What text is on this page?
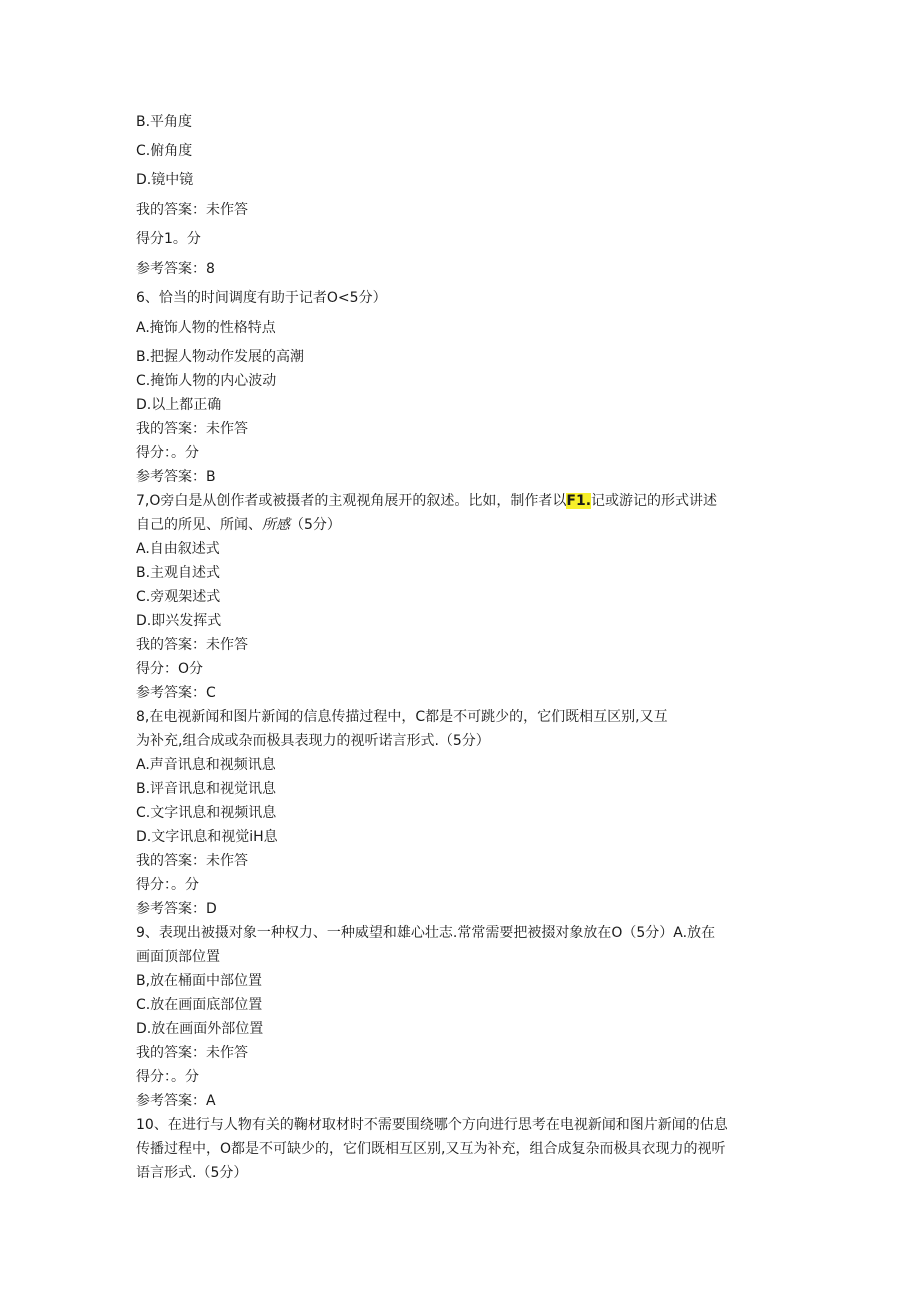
B.平角度
C.俯角度
D.镜中镜
我的答案：未作答
得分1。分
参考答案：8
6、恰当的时间调度有助于记者O<5分）
A.掩饰人物的性格特点
B.把握人物动作发展的高潮
C.掩饰人物的内心波动
D.以上都正确
我的答案：未作答
得分：。分
参考答案：B
7,O旁白是从创作者或被摄者的主观视角展开的叙述。比如，制作者以F1.记或游记的形式讲述
自己的所见、所闻、所感（5分）
A.自由叙述式
B.主观自述式
C.旁观架述式
D.即兴发挥式
我的答案：未作答
得分：O分
参考答案：C
8,在电视新闻和图片新闻的信息传描过程中，C都是不可跳少的，它们既相互区别,又互
为补充,组合成或杂而极具表现力的视听诺言形式.（5分）
A.声音讯息和视频讯息
B.评音讯息和视觉讯息
C.文字讯息和视频讯息
D.文字讯息和视觉iH息
我的答案：未作答
得分：。分
参考答案：D
9、表现出被摄对象一种权力、一种威望和雄心壮志.常常需要把被掇对象放在O（5分）A.放在
画面顶部位置
B,放在桶面中部位置
C.放在画面底部位置
D.放在画面外部位置
我的答案：未作答
得分：。分
参考答案：A
10、在进行与人物有关的鞠材取材时不需要围绕哪个方向进行思考在电视新闻和图片新闻的估息
传播过程中，O都是不可缺少的，它们既相互区别,又互为补充，组合成复杂而极具衣现力的视听
语言形式.（5分）
